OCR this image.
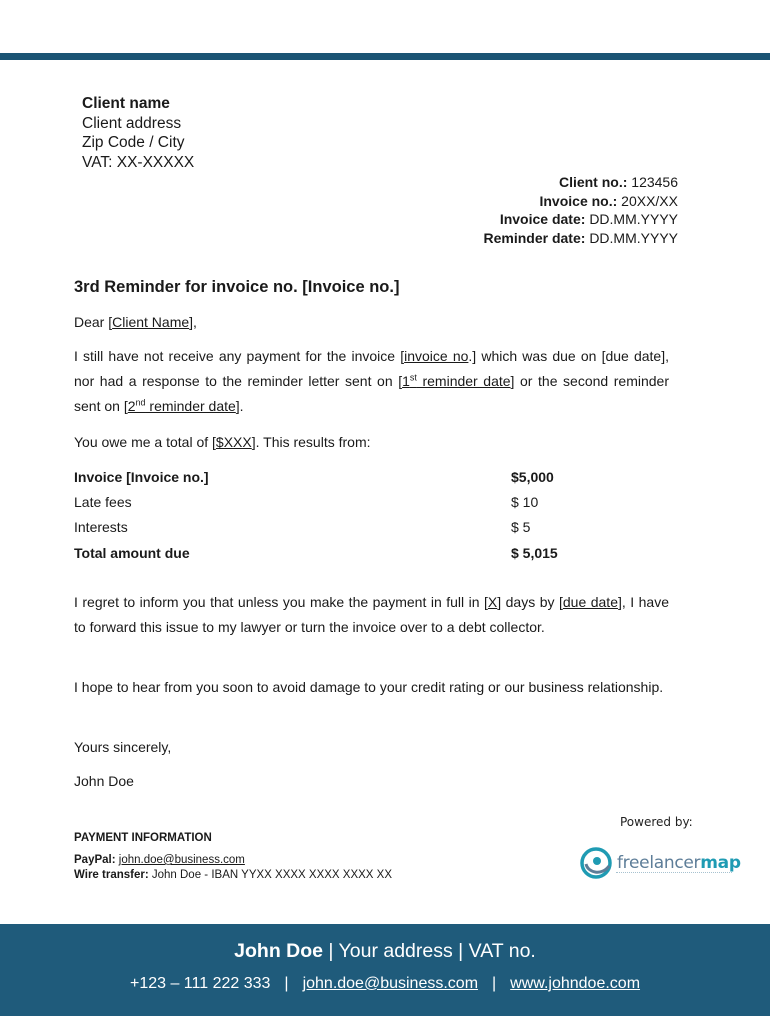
Client name
Client address
Zip Code / City
VAT: XX-XXXXX
Client no.: 123456
Invoice no.: 20XX/XX
Invoice date: DD.MM.YYYY
Reminder date: DD.MM.YYYY
3rd Reminder for invoice no. [Invoice no.]
Dear [Client Name],
I still have not receive any payment for the invoice [invoice no.] which was due on [due date], nor had a response to the reminder letter sent on [1st reminder date] or the second reminder sent on [2nd reminder date].
You owe me a total of [$XXX]. This results from:
Invoice [Invoice no.]	$5,000
Late fees	$ 10
Interests	$ 5
Total amount due	$ 5,015
I regret to inform you that unless you make the payment in full in [X] days by [due date], I have to forward this issue to my lawyer or turn the invoice over to a debt collector.
I hope to hear from you soon to avoid damage to your credit rating or our business relationship.
Yours sincerely,
John Doe
PAYMENT INFORMATION
PayPal: john.doe@business.com
Wire transfer: John Doe - IBAN YYXX XXXX XXXX XXXX XX
Powered by:
freelancermap
John Doe | Your address | VAT no.
+123 – 111 222 333 | john.doe@business.com | www.johndoe.com
